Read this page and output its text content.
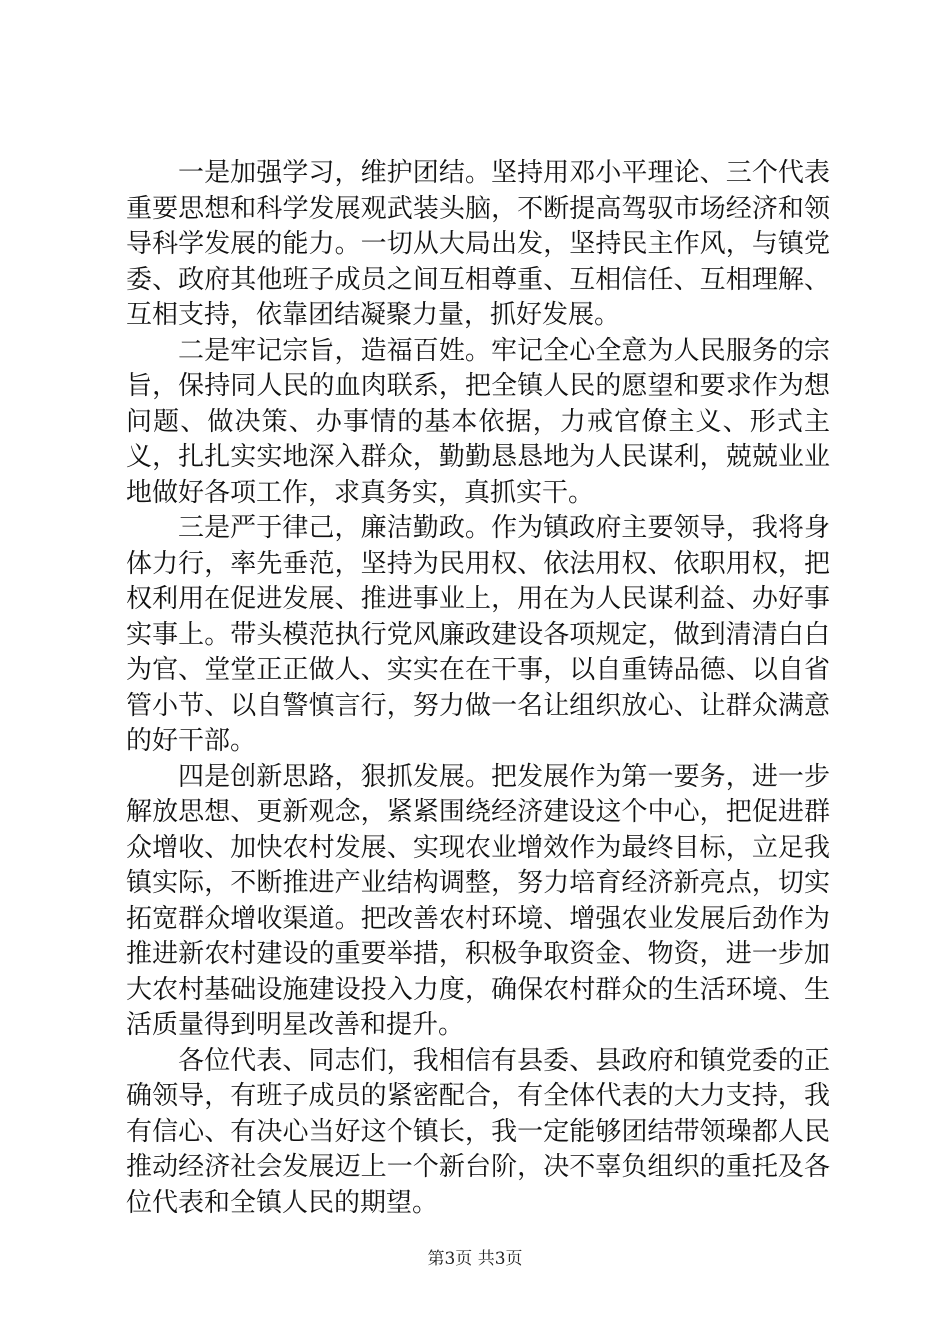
一是加强学习，维护团结。坚持用邓小平理论、三个代表重要思想和科学发展观武装头脑，不断提高驾驭市场经济和领导科学发展的能力。一切从大局出发，坚持民主作风，与镇党委、政府其他班子成员之间互相尊重、互相信任、互相理解、互相支持，依靠团结凝聚力量，抓好发展。

二是牢记宗旨，造福百姓。牢记全心全意为人民服务的宗旨，保持同人民的血肉联系，把全镇人民的愿望和要求作为想问题、做决策、办事情的基本依据，力戒官僚主义、形式主义，扎扎实实地深入群众，勤勤恳恳地为人民谋利，兢兢业业地做好各项工作，求真务实，真抓实干。

三是严于律己，廉洁勤政。作为镇政府主要领导，我将身体力行，率先垂范，坚持为民用权、依法用权、依职用权，把权利用在促进发展、推进事业上，用在为人民谋利益、办好事实事上。带头模范执行党风廉政建设各项规定，做到清清白白为官、堂堂正正做人、实实在在干事，以自重铸品德、以自省管小节、以自警慎言行，努力做一名让组织放心、让群众满意的好干部。

四是创新思路，狠抓发展。把发展作为第一要务，进一步解放思想、更新观念，紧紧围绕经济建设这个中心，把促进群众增收、加快农村发展、实现农业增效作为最终目标，立足我镇实际，不断推进产业结构调整，努力培育经济新亮点，切实拓宽群众增收渠道。把改善农村环境、增强农业发展后劲作为推进新农村建设的重要举措，积极争取资金、物资，进一步加大农村基础设施建设投入力度，确保农村群众的生活环境、生活质量得到明星改善和提升。

各位代表、同志们，我相信有县委、县政府和镇党委的正确领导，有班子成员的紧密配合，有全体代表的大力支持，我有信心、有决心当好这个镇长，我一定能够团结带领璪都人民推动经济社会发展迈上一个新台阶，决不辜负组织的重托及各位代表和全镇人民的期望。

第3页 共3页
